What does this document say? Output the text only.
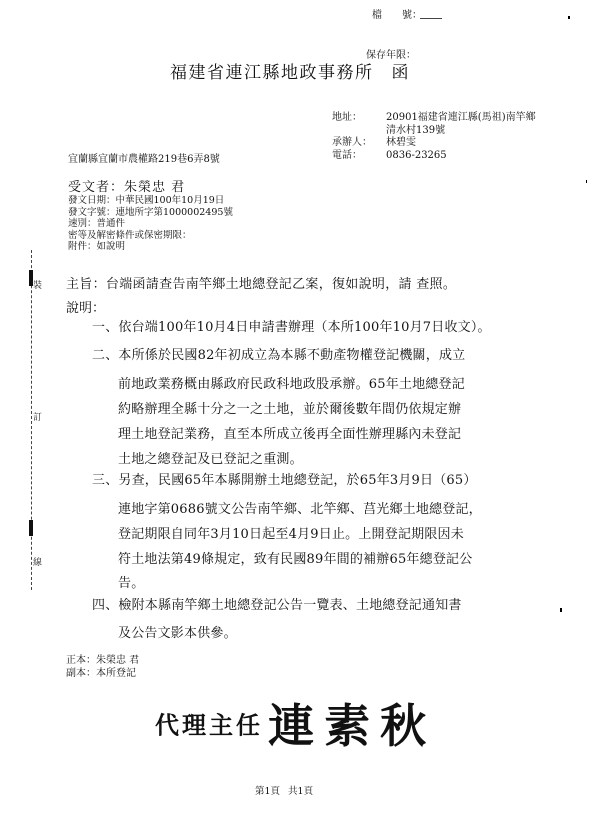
裝
訂
線
檔　　號：
保存年限：
福建省連江縣地政事務所 函
地址：	20901福建省連江縣(馬祖)南竿鄉
清水村139號
承辦人：	林碧雯
電話：	0836-23265
宜蘭縣宜蘭市農權路219巷6弄8號
受文者：朱榮忠 君
發文日期：中華民國100年10月19日
發文字號：連地所字第1000002495號
速別：普通件
密等及解密條件或保密期限：
附件：如說明
主旨：台端函請查告南竿鄉土地總登記乙案，復如說明，請 查照。
說明：
一、依台端100年10月4日申請書辦理（本所100年10月7日收文）。
二、本所係於民國82年初成立為本縣不動產物權登記機關，成立
前地政業務概由縣政府民政科地政股承辦。65年土地總登記
約略辦理全縣十分之一之土地，並於爾後數年間仍依規定辦
理土地登記業務，直至本所成立後再全面性辦理縣內未登記
土地之總登記及已登記之重測。
三、另查，民國65年本縣開辦土地總登記，於65年3月9日（65）
連地字第0686號文公告南竿鄉、北竿鄉、莒光鄉土地總登記，
登記期限自同年3月10日起至4月9日止。上開登記期限因未
符土地法第49條規定，致有民國89年間的補辦65年總登記公
告。
四、檢附本縣南竿鄉土地總登記公告一覽表、土地總登記通知書
及公告文影本供參。
正本：朱榮忠 君
副本：本所登記
代理主任 連素秋
第1頁 共1頁
